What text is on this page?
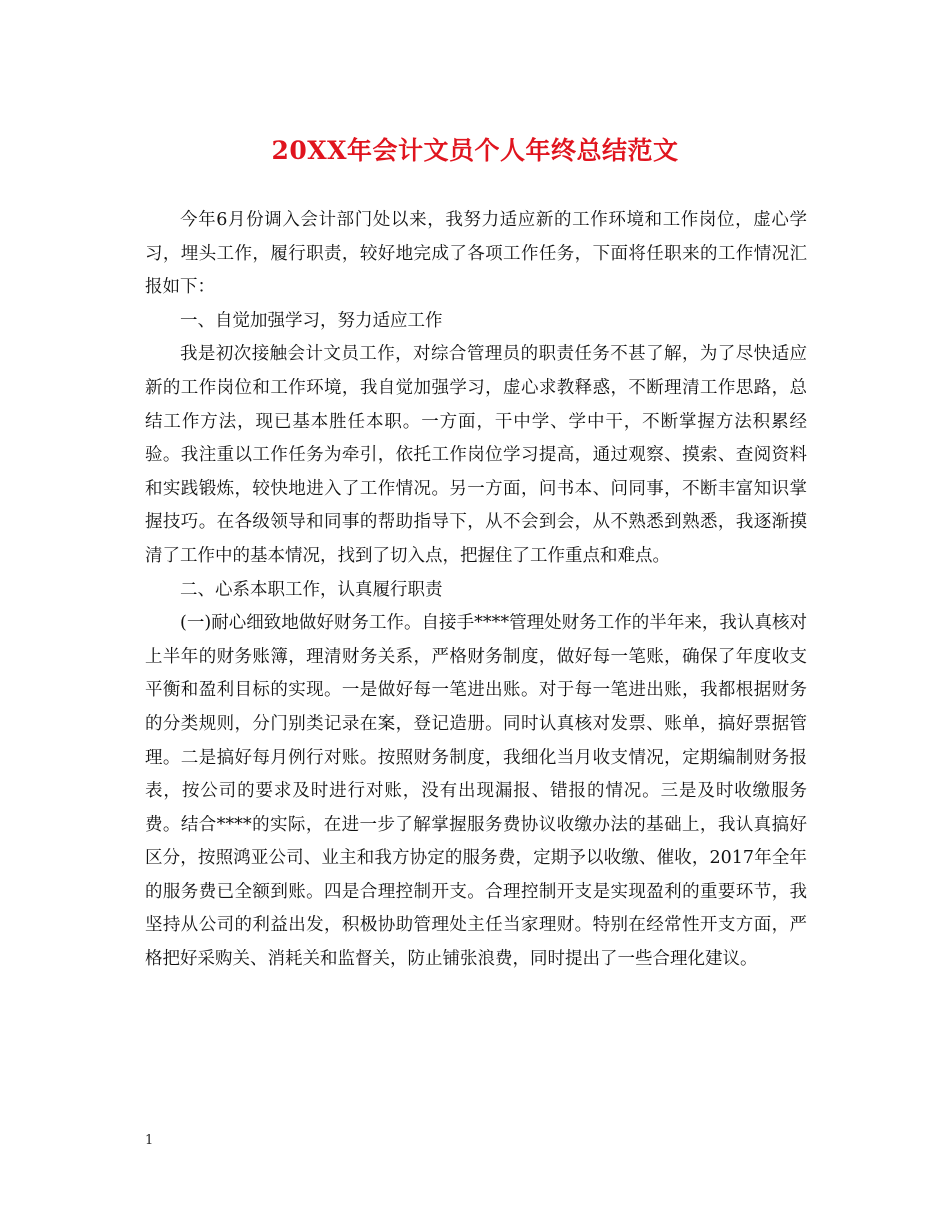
20XX年会计文员个人年终总结范文

今年6月份调入会计部门处以来，我努力适应新的工作环境和工作岗位，虚心学习，埋头工作，履行职责，较好地完成了各项工作任务，下面将任职来的工作情况汇报如下：

一、自觉加强学习，努力适应工作

我是初次接触会计文员工作，对综合管理员的职责任务不甚了解，为了尽快适应新的工作岗位和工作环境，我自觉加强学习，虚心求教释惑，不断理清工作思路，总结工作方法，现已基本胜任本职。一方面，干中学、学中干，不断掌握方法积累经验。我注重以工作任务为牵引，依托工作岗位学习提高，通过观察、摸索、查阅资料和实践锻炼，较快地进入了工作情况。另一方面，问书本、问同事，不断丰富知识掌握技巧。在各级领导和同事的帮助指导下，从不会到会，从不熟悉到熟悉，我逐渐摸清了工作中的基本情况，找到了切入点，把握住了工作重点和难点。

二、心系本职工作，认真履行职责

(一)耐心细致地做好财务工作。自接手****管理处财务工作的半年来，我认真核对上半年的财务账簿，理清财务关系，严格财务制度，做好每一笔账，确保了年度收支平衡和盈利目标的实现。一是做好每一笔进出账。对于每一笔进出账，我都根据财务的分类规则，分门别类记录在案，登记造册。同时认真核对发票、账单，搞好票据管理。二是搞好每月例行对账。按照财务制度，我细化当月收支情况，定期编制财务报表，按公司的要求及时进行对账，没有出现漏报、错报的情况。三是及时收缴服务费。结合****的实际，在进一步了解掌握服务费协议收缴办法的基础上，我认真搞好区分，按照鸿亚公司、业主和我方协定的服务费，定期予以收缴、催收，2017年全年的服务费已全额到账。四是合理控制开支。合理控制开支是实现盈利的重要环节，我坚持从公司的利益出发，积极协助管理处主任当家理财。特别在经常性开支方面，严格把好采购关、消耗关和监督关，防止铺张浪费，同时提出了一些合理化建议。

1
